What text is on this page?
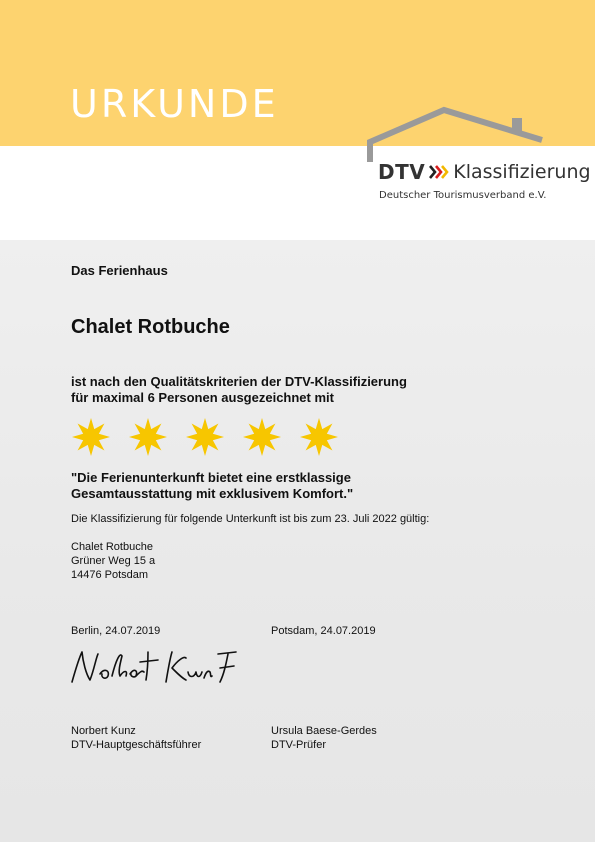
URKUNDE
DTV Klassifizierung
Deutscher Tourismusverband e.V.

Das Ferienhaus

Chalet Rotbuche

ist nach den Qualitätskriterien der DTV-Klassifizierung
für maximal 6 Personen ausgezeichnet mit

"Die Ferienunterkunft bietet eine erstklassige
Gesamtausstattung mit exklusivem Komfort."

Die Klassifizierung für folgende Unterkunft ist bis zum 23. Juli 2022 gültig:

Chalet Rotbuche
Grüner Weg 15 a
14476 Potsdam

Berlin, 24.07.2019	Potsdam, 24.07.2019
Norbert Kunz
DTV-Hauptgeschäftsführer
Ursula Baese-Gerdes
DTV-Prüfer
